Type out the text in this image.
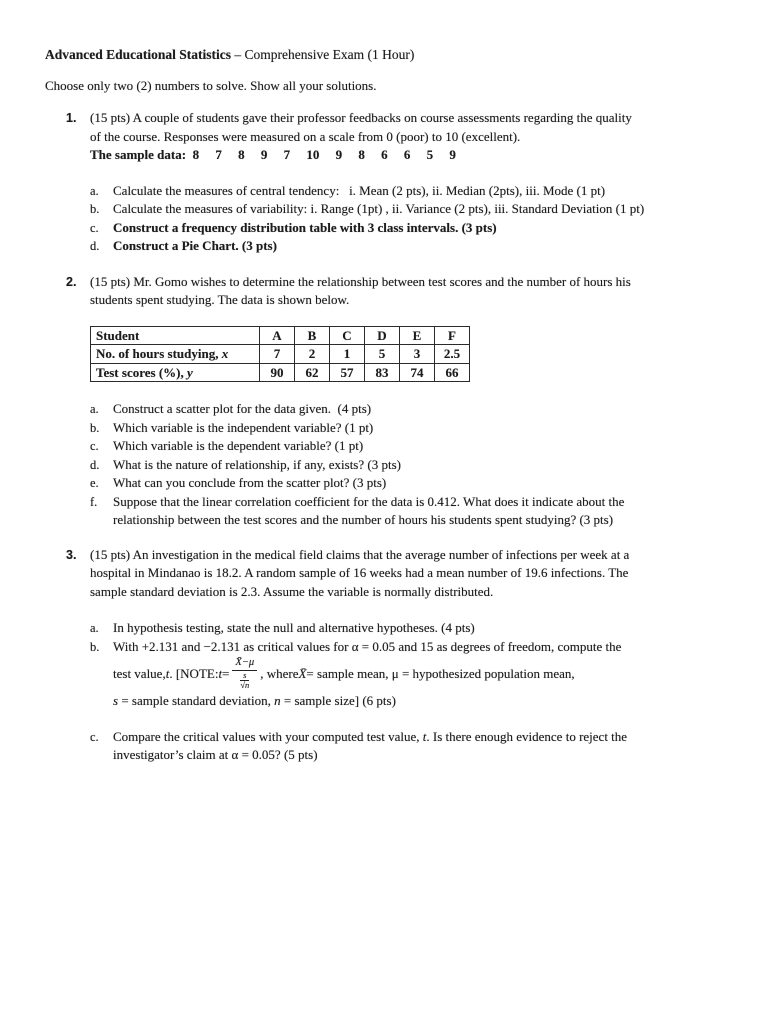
Advanced Educational Statistics – Comprehensive Exam (1 Hour)
Choose only two (2) numbers to solve. Show all your solutions.
1.	(15 pts) A couple of students gave their professor feedbacks on course assessments regarding the quality
of the course. Responses were measured on a scale from 0 (poor) to 10 (excellent).
The sample data:  8  7  8  9  7  10  9  8  6  6  5  9
a.	Calculate the measures of central tendency:  i. Mean (2 pts), ii. Median (2pts), iii. Mode (1 pt)
b.	Calculate the measures of variability: i. Range (1pt) , ii. Variance (2 pts), iii. Standard Deviation (1 pt)
c.	Construct a frequency distribution table with 3 class intervals. (3 pts)
d.	Construct a Pie Chart. (3 pts)
2.	(15 pts) Mr. Gomo wishes to determine the relationship between test scores and the number of hours his
students spent studying. The data is shown below.
Student	A	B	C	D	E	F
No. of hours studying, x	7	2	1	5	3	2.5
Test scores (%), y	90	62	57	83	74	66
a.	Construct a scatter plot for the data given. (4 pts)
b.	Which variable is the independent variable? (1 pt)
c.	Which variable is the dependent variable? (1 pt)
d.	What is the nature of relationship, if any, exists? (3 pts)
e.	What can you conclude from the scatter plot? (3 pts)
f.	Suppose that the linear correlation coefficient for the data is 0.412. What does it indicate about the
relationship between the test scores and the number of hours his students spent studying? (3 pts)
3.	(15 pts) An investigation in the medical field claims that the average number of infections per week at a
hospital in Mindanao is 18.2. A random sample of 16 weeks had a mean number of 19.6 infections. The
sample standard deviation is 2.3. Assume the variable is normally distributed.
a.	In hypothesis testing, state the null and alternative hypotheses. (4 pts)
b.	With +2.131 and −2.131 as critical values for α = 0.05 and 15 as degrees of freedom, compute the
test value, t . [NOTE: $t = \frac{X̄-\mu}{\frac{s}{√n}}$ , where X̄ = sample mean, μ = hypothesized population mean,
s = sample standard deviation, n = sample size] (6 pts)
c.	Compare the critical values with your computed test value, t. Is there enough evidence to reject the
investigator’s claim at α = 0.05? (5 pts)
